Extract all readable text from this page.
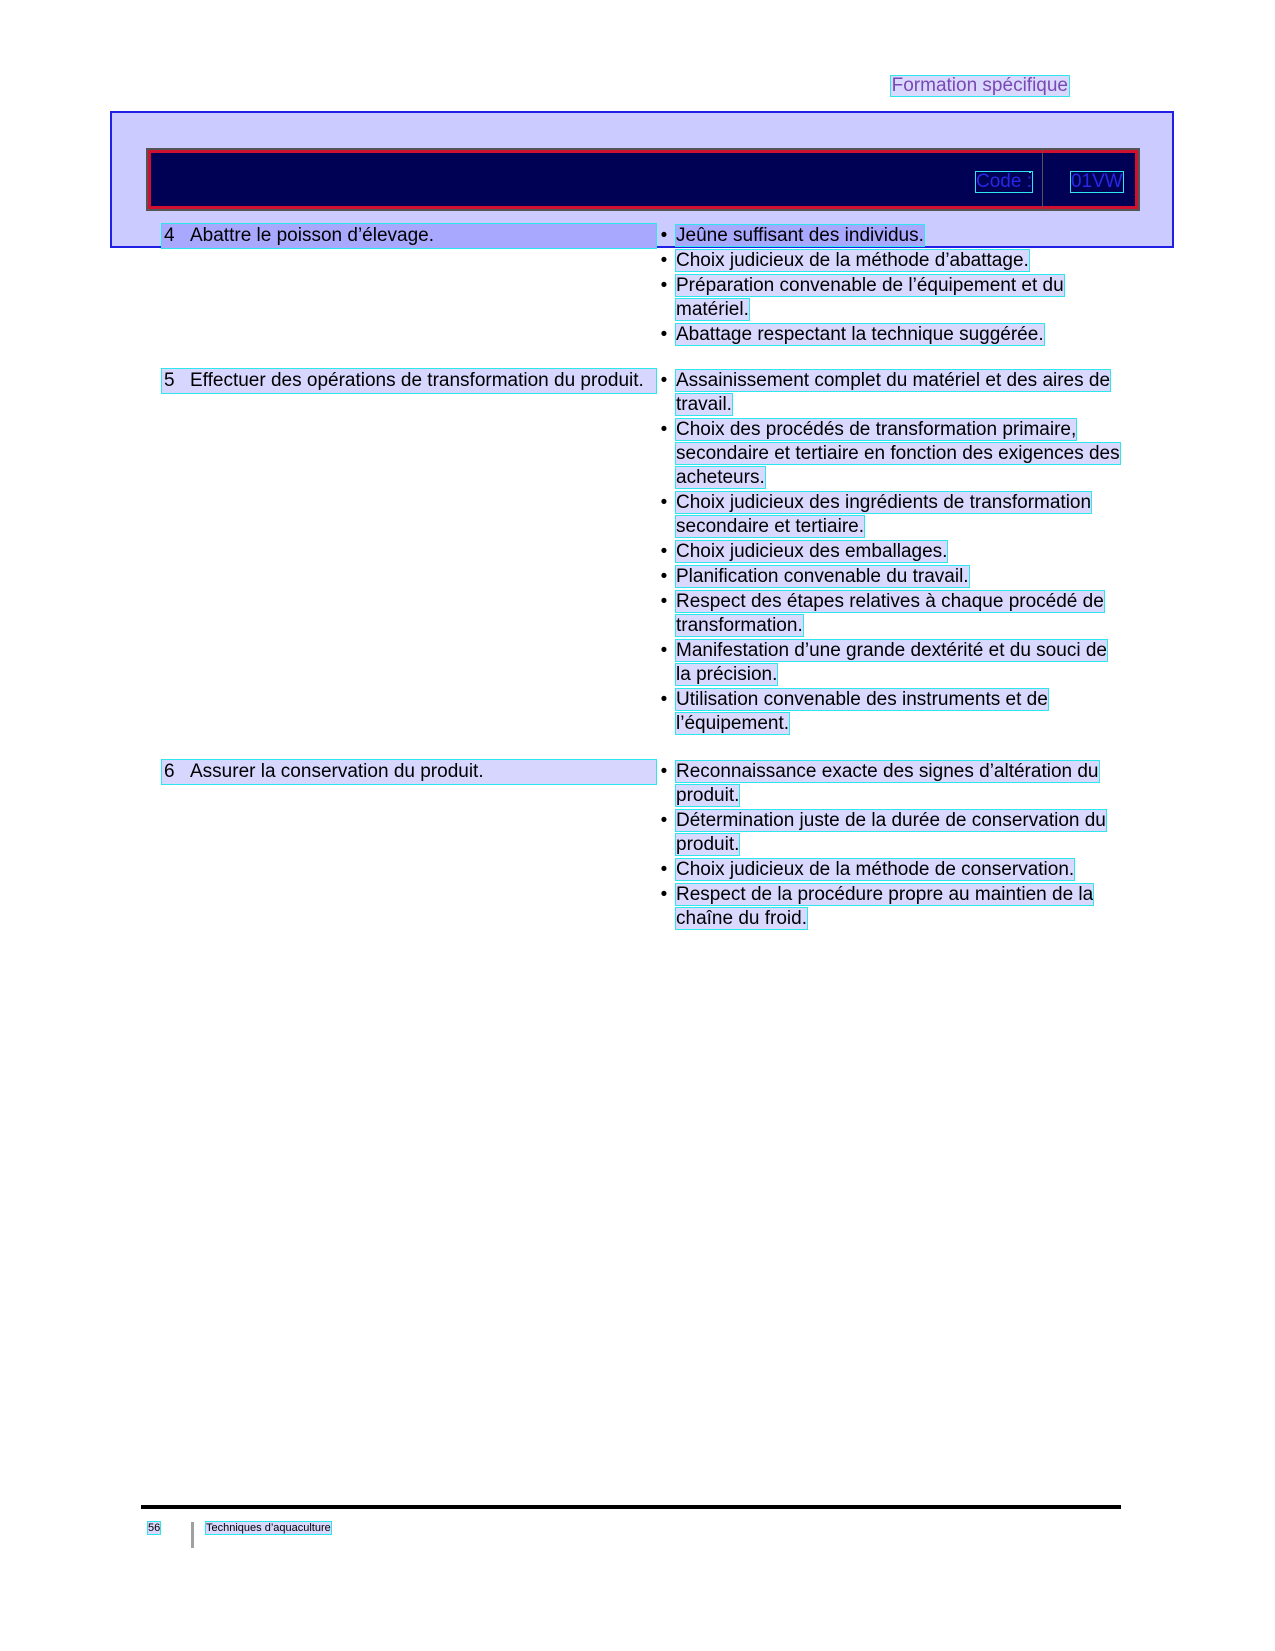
Formation spécifique
Code : 01VW
4 Abattre le poisson d’élevage.	• Jeûne suffisant des individus.
• Choix judicieux de la méthode d’abattage.
• Préparation convenable de l’équipement et du matériel.
• Abattage respectant la technique suggérée.
5 Effectuer des opérations de transformation du produit. • Assainissement complet du matériel et des aires de travail.
• Choix des procédés de transformation primaire, secondaire et tertiaire en fonction des exigences des acheteurs.
• Choix judicieux des ingrédients de transformation secondaire et tertiaire.
• Choix judicieux des emballages.
• Planification convenable du travail.
• Respect des étapes relatives à chaque procédé de transformation.
• Manifestation d’une grande dextérité et du souci de la précision.
• Utilisation convenable des instruments et de l’équipement.
6 Assurer la conservation du produit.	• Reconnaissance exacte des signes d’altération du produit.
• Détermination juste de la durée de conservation du produit.
• Choix judicieux de la méthode de conservation.
• Respect de la procédure propre au maintien de la chaîne du froid.
56	Techniques d’aquaculture
